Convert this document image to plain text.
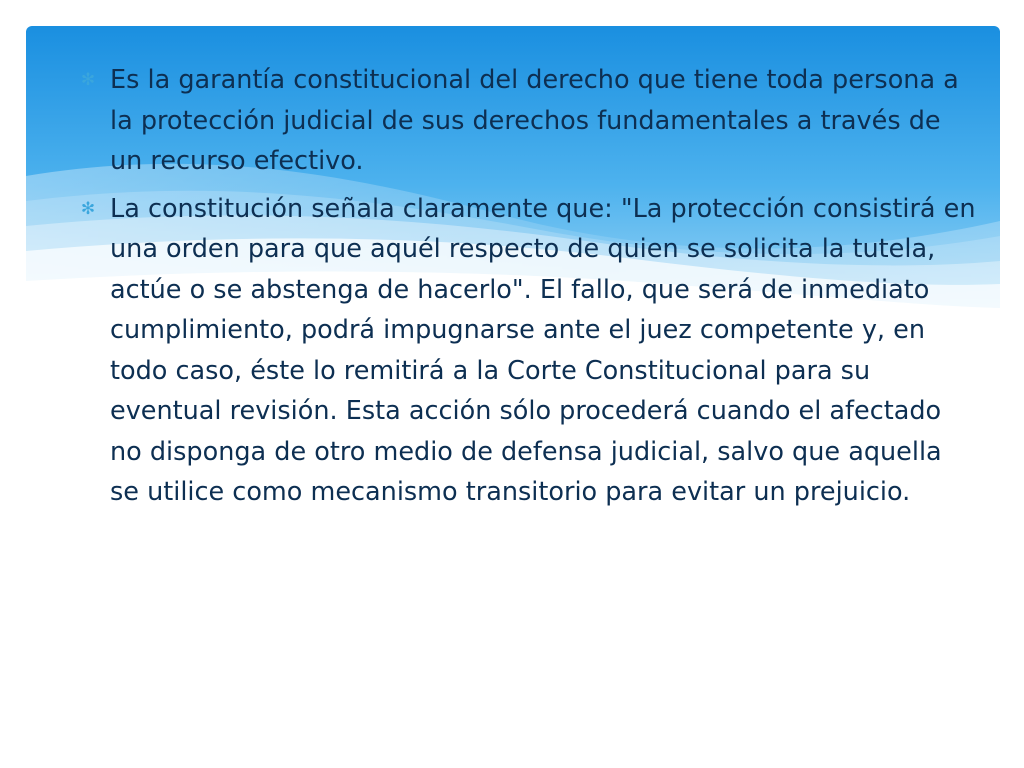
✻ Es la garantía constitucional del derecho que tiene toda persona a la protección judicial de sus derechos fundamentales a través de un recurso efectivo.
✻ La constitución señala claramente que: "La protección consistirá en una orden para que aquél respecto de quien se solicita la tutela, actúe o se abstenga de hacerlo". El fallo, que será de inmediato cumplimiento, podrá impugnarse ante el juez competente y, en todo caso, éste lo remitirá a la Corte Constitucional para su eventual revisión. Esta acción sólo procederá cuando el afectado no disponga de otro medio de defensa judicial, salvo que aquella se utilice como mecanismo transitorio para evitar un prejuicio.
